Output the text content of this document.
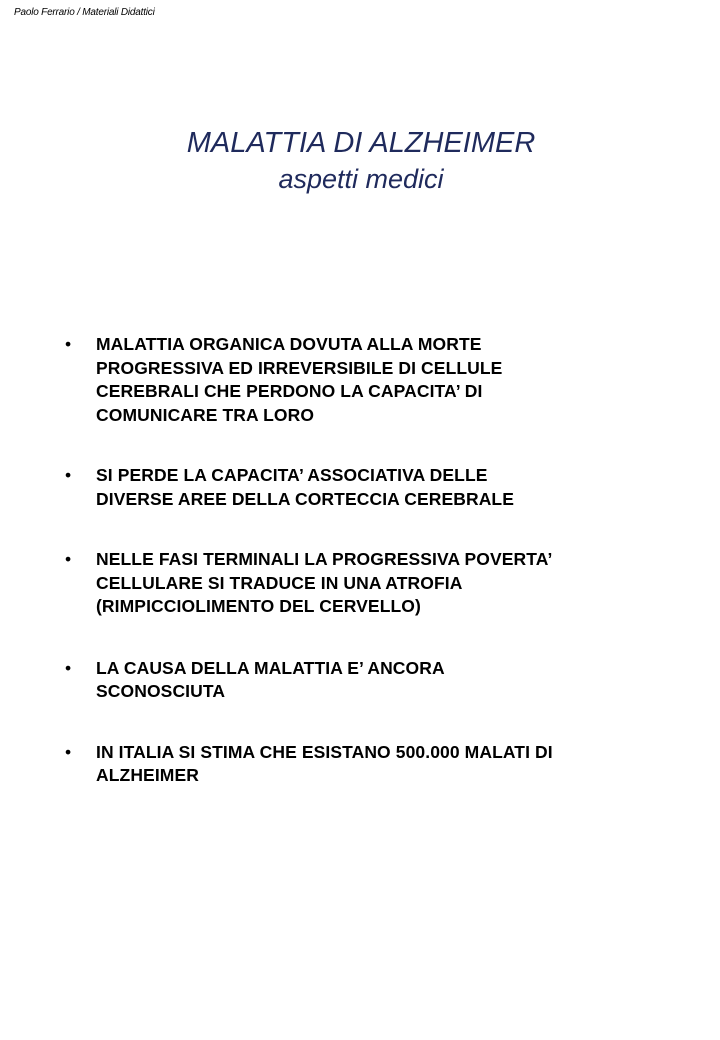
Paolo Ferrario / Materiali Didattici
MALATTIA DI ALZHEIMER
aspetti medici
• MALATTIA ORGANICA DOVUTA ALLA MORTE
PROGRESSIVA ED IRREVERSIBILE DI CELLULE
CEREBRALI CHE PERDONO LA CAPACITA’ DI
COMUNICARE TRA LORO
• SI PERDE LA CAPACITA’ ASSOCIATIVA DELLE
DIVERSE AREE DELLA CORTECCIA CEREBRALE
• NELLE FASI TERMINALI LA PROGRESSIVA POVERTA’
CELLULARE SI TRADUCE IN UNA ATROFIA
(RIMPICCIOLIMENTO DEL CERVELLO)
• LA CAUSA DELLA MALATTIA E’ ANCORA
SCONOSCIUTA
• IN ITALIA SI STIMA CHE ESISTANO 500.000 MALATI DI
ALZHEIMER
